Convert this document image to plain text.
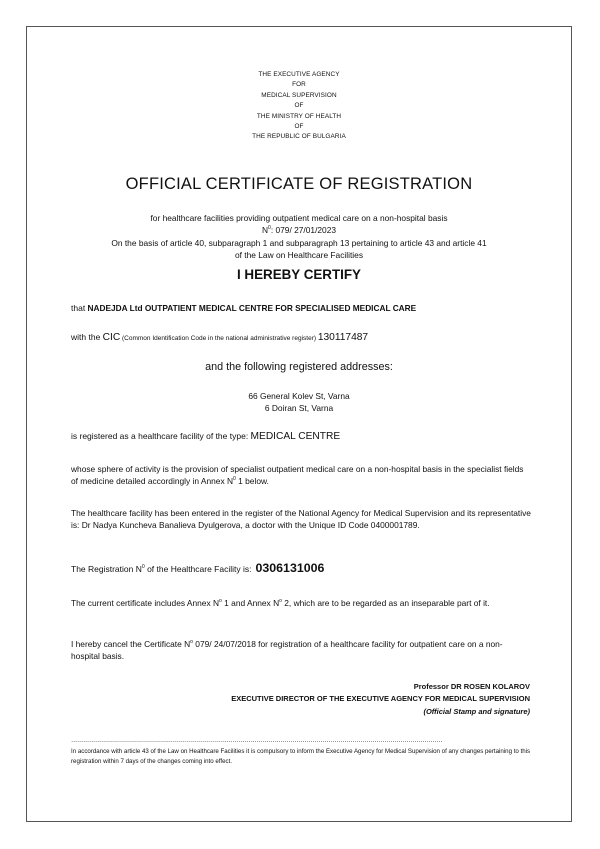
THE EXECUTIVE AGENCY
FOR
MEDICAL SUPERVISION
OF
THE MINISTRY OF HEALTH
OF
THE REPUBLIC OF BULGARIA
OFFICIAL CERTIFICATE OF REGISTRATION
for healthcare facilities providing outpatient medical care on a non-hospital basis
$N^0$: 079/ 27/01/2023
On the basis of article 40, subparagraph 1 and subparagraph 13 pertaining to article 43 and article 41
of the Law on Healthcare Facilities
I HEREBY CERTIFY
that NADEJDA Ltd OUTPATIENT MEDICAL CENTRE FOR SPECIALISED MEDICAL CARE
with the CIC (Common Identification Code in the national administrative register) 130117487
and the following registered addresses:
66 General Kolev St, Varna
6 Doiran St, Varna
is registered as a healthcare facility of the type: MEDICAL CENTRE
whose sphere of activity is the provision of specialist outpatient medical care on a non-hospital basis in the specialist fields of medicine detailed accordingly in Annex $N^0$ 1 below.
The healthcare facility has been entered in the register of the National Agency for Medical Supervision and its representative is: Dr Nadya Kuncheva Banalieva Dyulgerova, a doctor with the Unique ID Code 0400001789.
The Registration $N^0$ of the Healthcare Facility is: 0306131006
The current certificate includes Annex $N^o$ 1 and Annex $N^o$ 2, which are to be regarded as an inseparable part of it.
I hereby cancel the Certificate $N^o$ 079/ 24/07/2018 for registration of a healthcare facility for outpatient care on a non-hospital basis.
Professor DR ROSEN KOLAROV
EXECUTIVE DIRECTOR OF THE EXECUTIVE AGENCY FOR MEDICAL SUPERVISION
(Official Stamp and signature)
……………………………………………………………………………………………………………………………………………………………………
In accordance with article 43 of the Law on Healthcare Facilities it is compulsory to inform the Executive Agency for Medical Supervision of any changes pertaining to this registration within 7 days of the changes coming into effect.
